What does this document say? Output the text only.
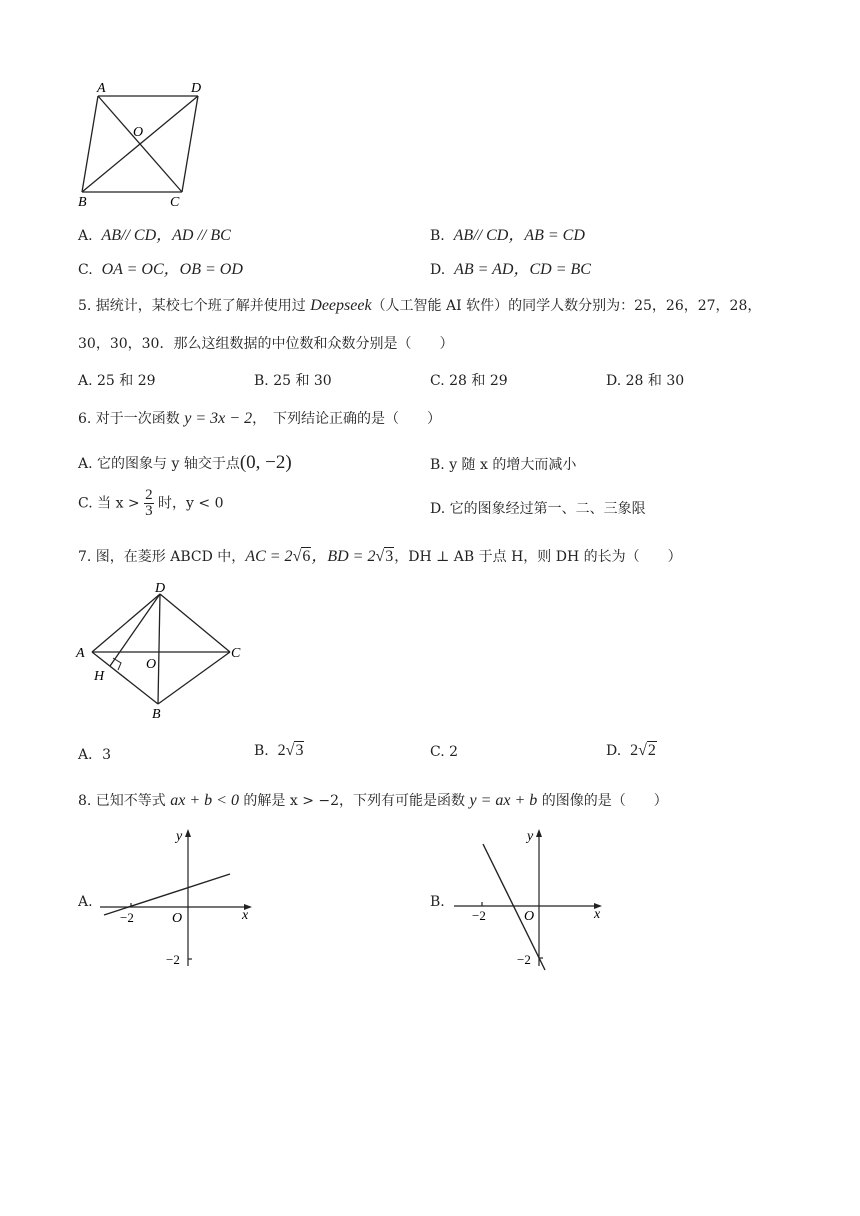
A	D
O
B	C
A. AB// CD，AD // BC	B. AB// CD，AB = CD
C. OA = OC，OB = OD	D. AB = AD，CD = BC
5. 据统计，某校七个班了解并使用过 Deepseek（人工智能 AI 软件）的同学人数分别为：25，26，27，28，
30，30，30．那么这组数据的中位数和众数分别是（　　）
A. 25 和 29	B. 25 和 30	C. 28 和 29	D. 28 和 30
6. 对于一次函数 y = 3x − 2，　下列结论正确的是（　　）
A. 它的图象与 y 轴交于点(0, −2)	B. y 随 x 的增大而减小
C. 当 $x > \frac{2}{3}$ 时，y < 0	D. 它的图象经过第一、二、三象限
7. 图，在菱形 ABCD 中，AC = 2√6，BD = 2√3，DH ⊥ AB 于点 H，则 DH 的长为（　　）
D
A
O
C
H
B
A．3	B. 2√3	C. 2	D. 2√2
8. 已知不等式 ax + b < 0 的解是 x > −2，下列有可能是函数 y = ax + b 的图像的是（　　）
A.
y
x
O
−2
−2
B.
y
x
O
−2
−2
